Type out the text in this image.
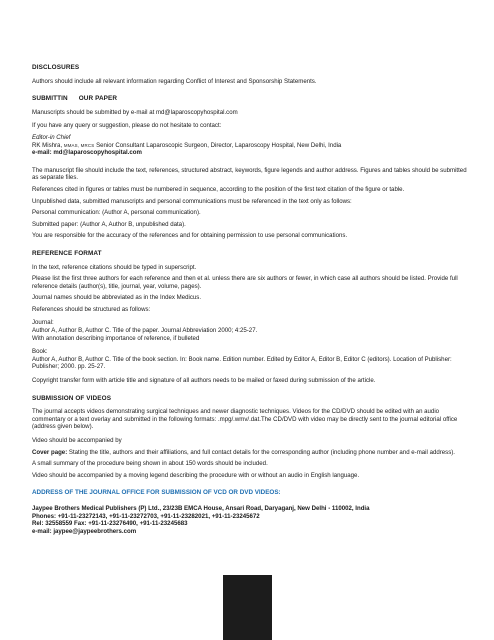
DISCLOSURES

Authors should include all relevant information regarding Conflict of Interest and Sponsorship Statements.

SUBMITTIN OUR PAPER

Manuscripts should be submitted by e-mail at md@laparoscopyhospital.com

If you have any query or suggestion, please do not hesitate to contact:

Editor-in Chief

RK Mishra, MMAS, MRCS Senior Consultant Laparoscopic Surgeon, Director, Laparoscopy Hospital, New Delhi, India

e-mail: md@laparoscopyhospital.com

The manuscript file should include the text, references, structured abstract, keywords, figure legends and author address. Figures and tables should be submitted as separate files.

References cited in figures or tables must be numbered in sequence, according to the position of the first text citation of the figure or table.

Unpublished data, submitted manuscripts and personal communications must be referenced in the text only as follows:

Personal communication: (Author A, personal communication).

Submitted paper: (Author A, Author B, unpublished data).

You are responsible for the accuracy of the references and for obtaining permission to use personal communications.

REFERENCE FORMAT

In the text, reference citations should be typed in superscript.

Please list the first three authors for each reference and then et al. unless there are six authors or fewer, in which case all authors should be listed. Provide full reference details (author(s), title, journal, year, volume, pages).

Journal names should be abbreviated as in the Index Medicus.

References should be structured as follows:

Journal:

Author A, Author B, Author C. Title of the paper. Journal Abbreviation 2000; 4:25-27.

With annotation describing importance of reference, if bulleted

Book:

Author A, Author B, Author C. Title of the book section. In: Book name. Edition number. Edited by Editor A, Editor B, Editor C (editors). Location of Publisher: Publisher; 2000. pp. 25-27.

Copyright transfer form with article title and signature of all authors needs to be mailed or faxed during submission of the article.

SUBMISSION OF VIDEOS

The journal accepts videos demonstrating surgical techniques and newer diagnostic techniques. Videos for the CD/DVD should be edited with an audio commentary or a text overlay and submitted in the following formats: .mpg/.wmv/.dat.The CD/DVD with video may be directly sent to the journal editorial office (address given below).

Video should be accompanied by

Cover page: Stating the title, authors and their affiliations, and full contact details for the corresponding author (including phone number and e-mail address).

A small summary of the procedure being shown in about 150 words should be included.

Video should be accompanied by a moving legend describing the procedure with or without an audio in English language.

ADDRESS OF THE JOURNAL OFFICE FOR SUBMISSION OF VCD OR DVD VIDEOS:

Jaypee Brothers Medical Publishers (P) Ltd., 23/23B EMCA House, Ansari Road, Daryaganj, New Delhi - 110002, India

Phones: +91-11-23272143, +91-11-23272703, +91-11-23282021, +91-11-23245672

Rel: 32558559 Fax: +91-11-23276490, +91-11-23245683

e-mail: jaypee@jaypeebrothers.com
